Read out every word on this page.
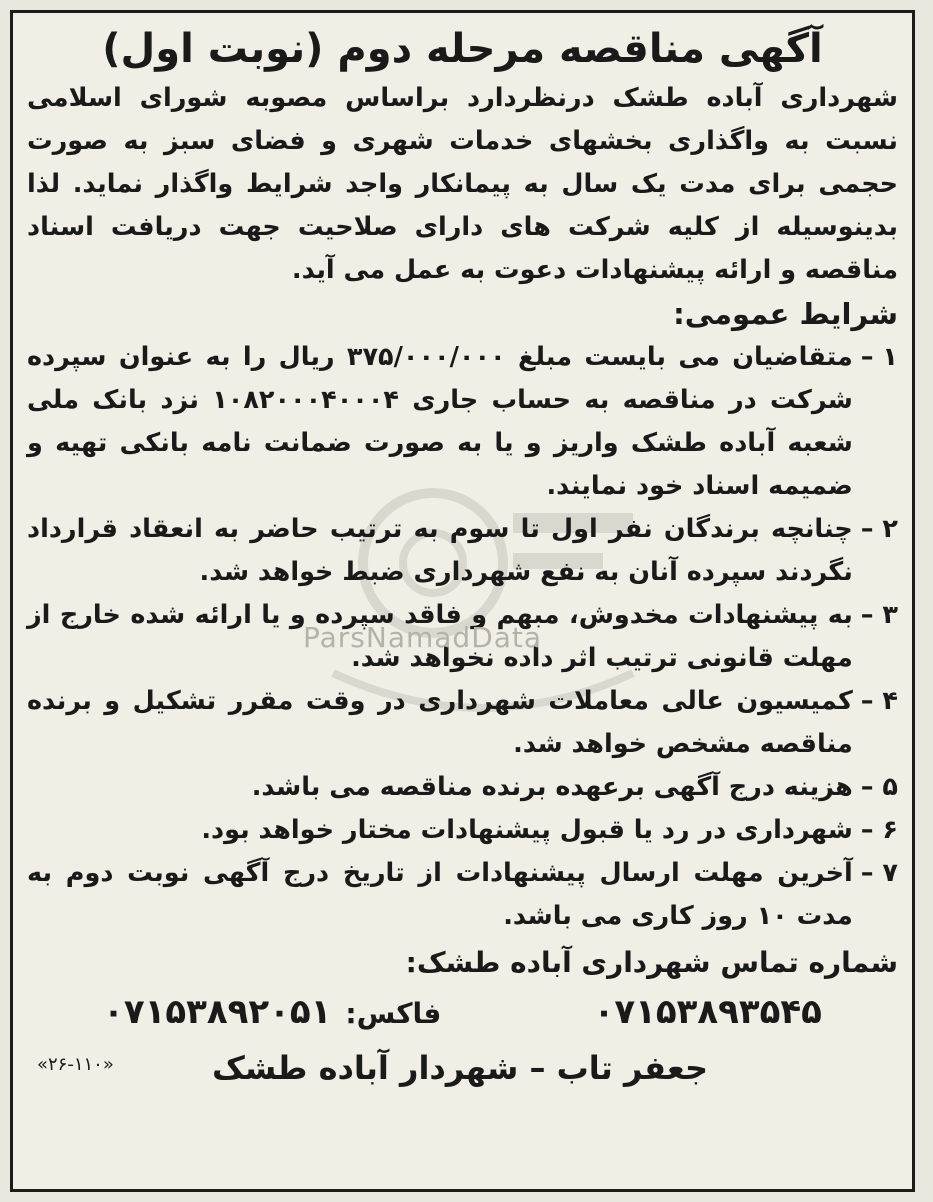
آگهی مناقصه مرحله دوم (نوبت اول)

شهرداری آباده طشک درنظردارد براساس مصوبه شورای اسلامی نسبت به واگذاری بخشهای خدمات شهری و فضای سبز به صورت حجمی برای مدت یک سال به پیمانکار واجد شرایط واگذار نماید. لذا بدینوسیله از کلیه شرکت های دارای صلاحیت جهت دریافت اسناد مناقصه و ارائه پیشنهادات دعوت به عمل می آید.

شرایط عمومی:
۱ –
متقاضیان می بایست مبلغ ۳۷۵/۰۰۰/۰۰۰ ریال را به عنوان سپرده شرکت در مناقصه به حساب جاری ۱۰۸۲۰۰۰۴۰۰۰۴ نزد بانک ملی شعبه آباده طشک واریز و یا به صورت ضمانت نامه بانکی تهیه و ضمیمه اسناد خود نمایند.
۲ –
چنانچه برندگان نفر اول تا سوم به ترتیب حاضر به انعقاد قرارداد نگردند سپرده آنان به نفع شهرداری ضبط خواهد شد.
۳ –
به پیشنهادات مخدوش، مبهم و فاقد سپرده و یا ارائه شده خارج از مهلت قانونی ترتیب اثر داده نخواهد شد.
۴ –
کمیسیون عالی معاملات شهرداری در وقت مقرر تشکیل و برنده مناقصه مشخص خواهد شد.
۵ –
هزینه درج آگهی برعهده برنده مناقصه می باشد.
۶ –
شهرداری در رد یا قبول پیشنهادات مختار خواهد بود.
۷ –
آخرین مهلت ارسال پیشنهادات از تاریخ درج آگهی نوبت دوم به مدت ۱۰ روز کاری می باشد.
شماره تماس شهرداری آباده طشک:
۰۷۱۵۳۸۹۳۵۴۵
فاکس:
۰۷۱۵۳۸۹۲۰۵۱
جعفر تاب – شهردار آباده طشک
«۲۶-۱۱۰»
ParsNamadData
